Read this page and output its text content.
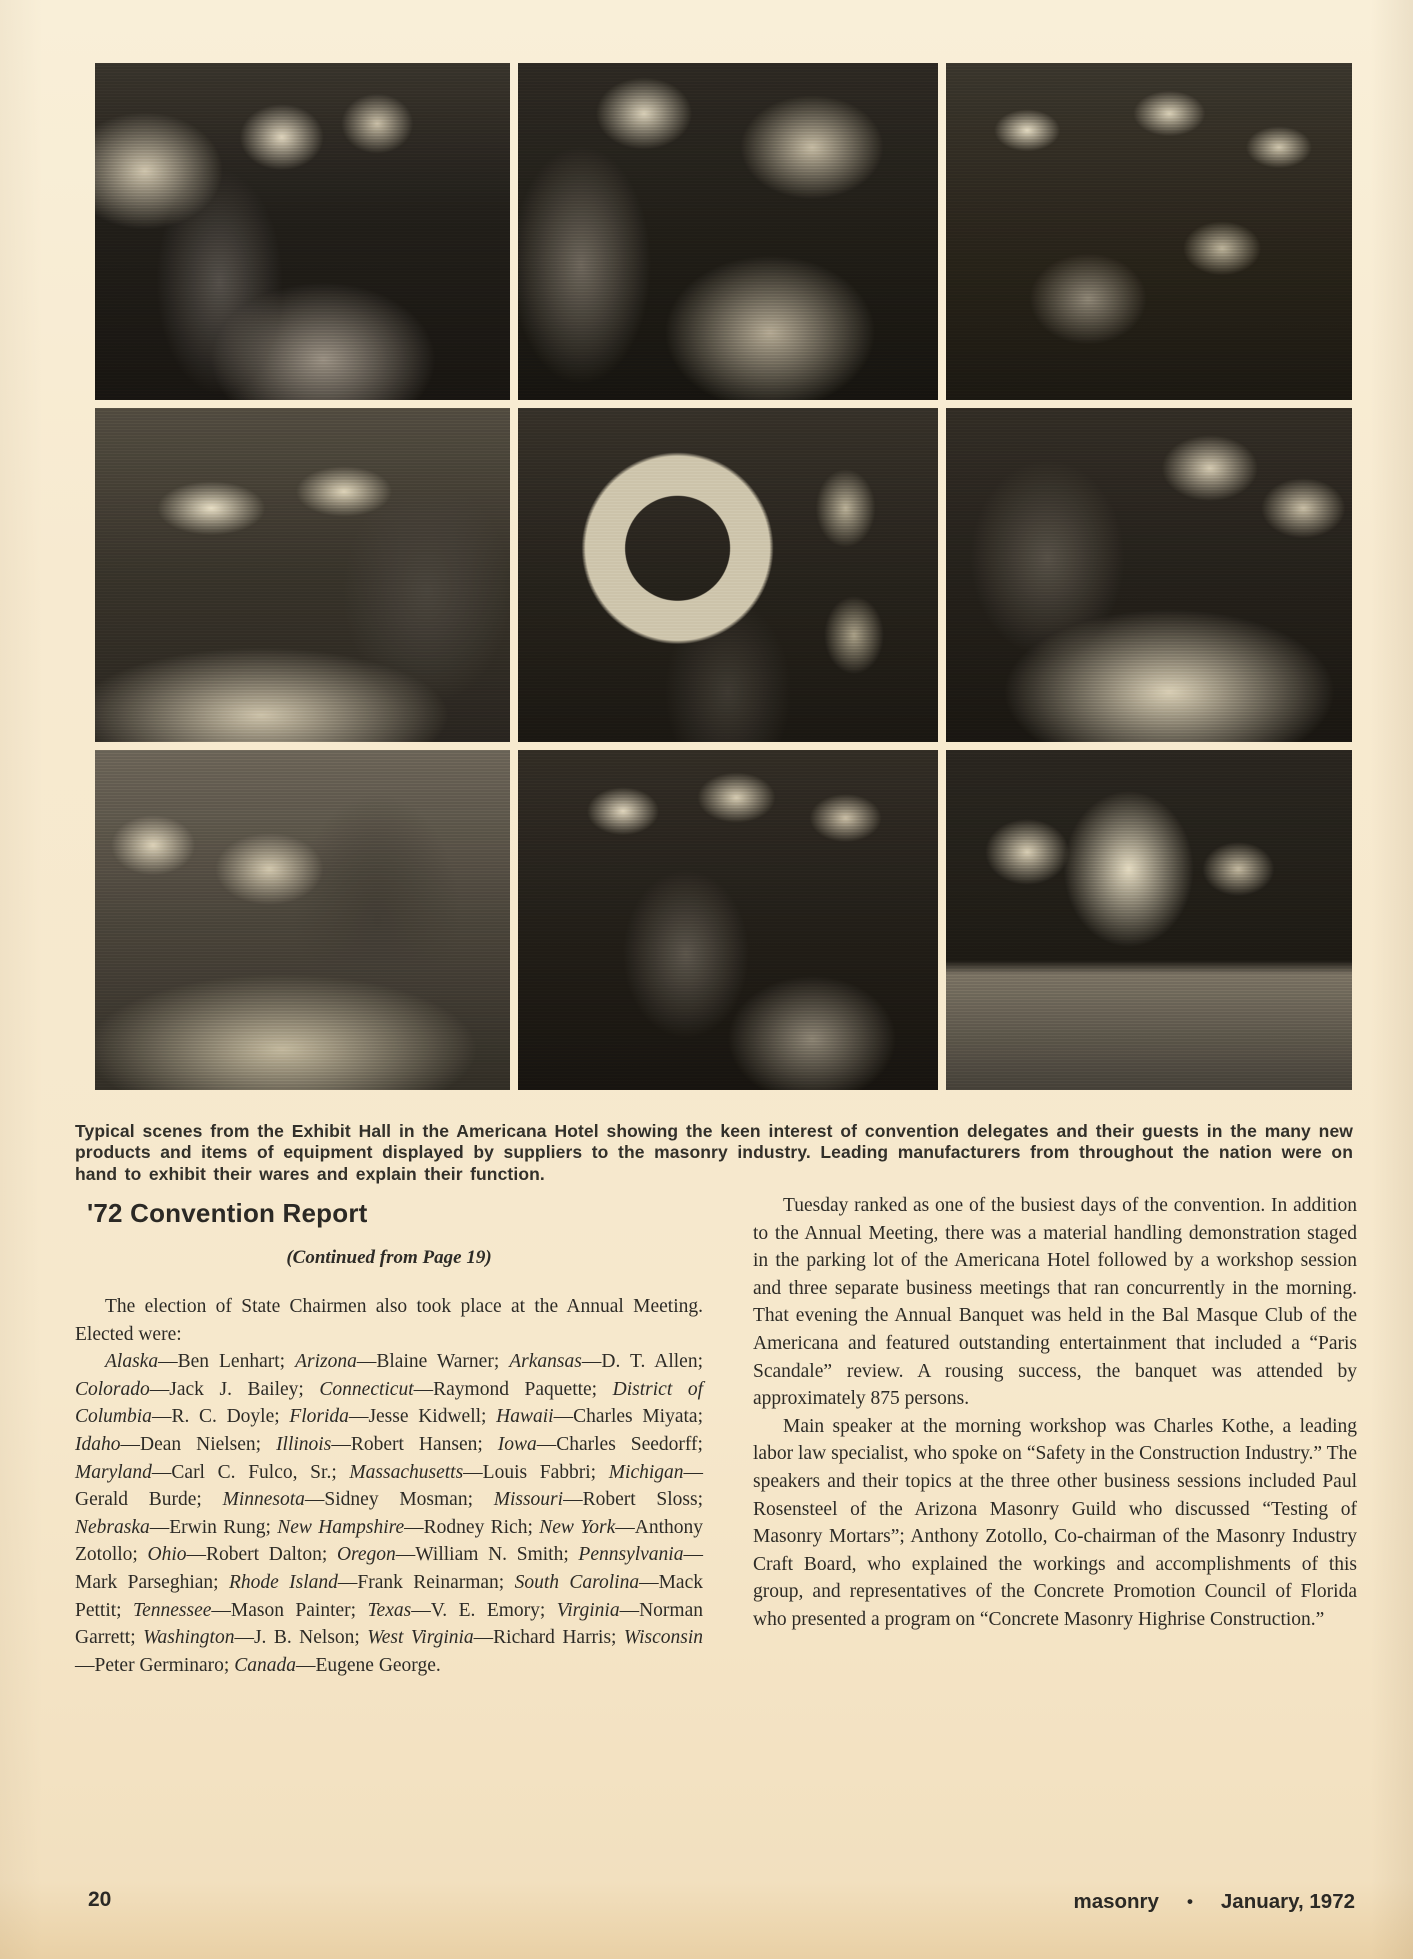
Typical scenes from the Exhibit Hall in the Americana Hotel showing the keen interest of convention delegates and their guests in the many new products and items of equipment displayed by suppliers to the masonry industry. Leading manufacturers from throughout the nation were on hand to exhibit their wares and explain their function.

'72 Convention Report

(Continued from Page 19)

The election of State Chairmen also took place at the Annual Meeting. Elected were:

Alaska—Ben Lenhart; Arizona—Blaine Warner; Arkansas—D. T. Allen; Colorado—Jack J. Bailey; Connecticut—Raymond Paquette; District of Columbia—R. C. Doyle; Florida—Jesse Kidwell; Hawaii—Charles Miyata; Idaho—Dean Nielsen; Illinois—Robert Hansen; Iowa—Charles Seedorff; Maryland—Carl C. Fulco, Sr.; Massachusetts—Louis Fabbri; Michigan—Gerald Burde; Minnesota—Sidney Mosman; Missouri—Robert Sloss; Nebraska—Erwin Rung; New Hampshire—Rodney Rich; New York—Anthony Zotollo; Ohio—Robert Dalton; Oregon—William N. Smith; Pennsylvania—Mark Parseghian; Rhode Island—Frank Reinarman; South Carolina—Mack Pettit; Tennessee—Mason Painter; Texas—V. E. Emory; Virginia—Norman Garrett; Washington—J. B. Nelson; West Virginia—Richard Harris; Wisconsin—Peter Germinaro; Canada—Eugene George.

Tuesday ranked as one of the busiest days of the convention. In addition to the Annual Meeting, there was a material handling demonstration staged in the parking lot of the Americana Hotel followed by a workshop session and three separate business meetings that ran concurrently in the morning. That evening the Annual Banquet was held in the Bal Masque Club of the Americana and featured outstanding entertainment that included a “Paris Scandale” review. A rousing success, the banquet was attended by approximately 875 persons.

Main speaker at the morning workshop was Charles Kothe, a leading labor law specialist, who spoke on “Safety in the Construction Industry.” The speakers and their topics at the three other business sessions included Paul Rosensteel of the Arizona Masonry Guild who discussed “Testing of Masonry Mortars”; Anthony Zotollo, Co-chairman of the Masonry Industry Craft Board, who explained the workings and accomplishments of this group, and representatives of the Concrete Promotion Council of Florida who presented a program on “Concrete Masonry Highrise Construction.”

20	masonry • January, 1972
